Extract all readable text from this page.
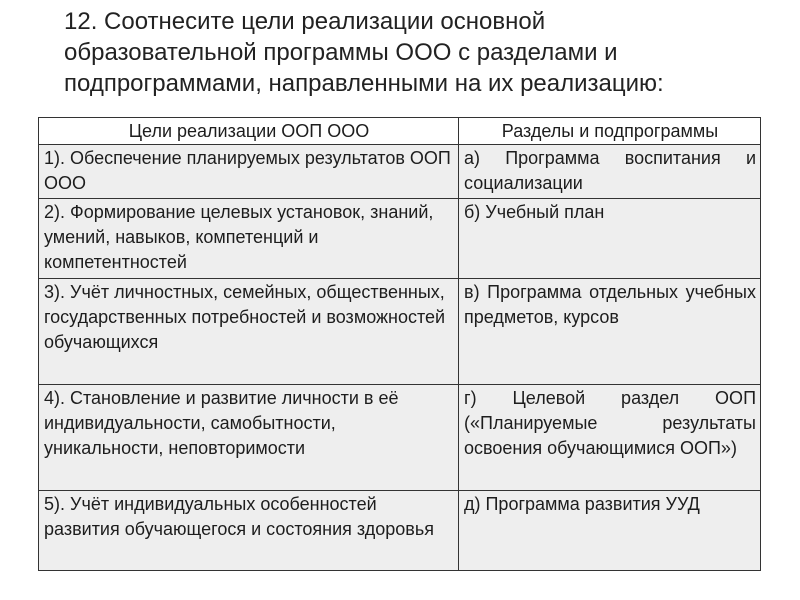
12. Соотнесите цели реализации основной
образовательной программы ООО с разделами и
подпрограммами, направленными на их реализацию:
Цели реализации ООП ООО	Разделы и подпрограммы
1). Обеспечение планируемых результатов ООП ООО	а) Программа воспитания и социализации
2). Формирование целевых установок, знаний, умений, навыков, компетенций и компетентностей	б) Учебный план
3). Учёт личностных, семейных, общественных, государственных потребностей и возможностей обучающихся	в) Программа отдельных учебных предметов, курсов
4). Становление и развитие личности в её индивидуальности, самобытности, уникальности, неповторимости	г) Целевой раздел ООП («Планируемые результаты освоения обучающимися ООП»)
5). Учёт индивидуальных особенностей развития обучающегося и состояния здоровья	д) Программа развития УУД
